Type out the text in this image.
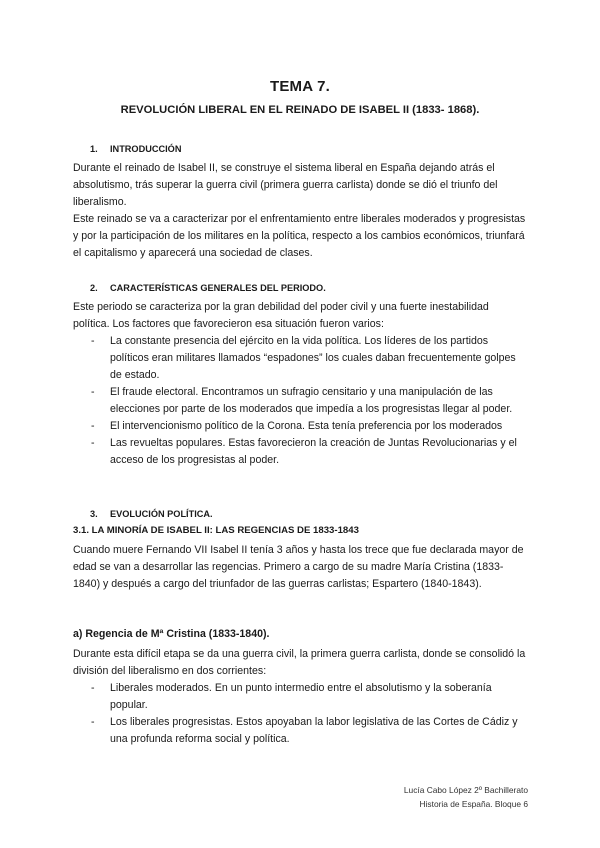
TEMA 7.
REVOLUCIÓN LIBERAL EN EL REINADO DE ISABEL II (1833- 1868).
1. INTRODUCCIÓN

Durante el reinado de Isabel II, se construye el sistema liberal en España dejando atrás el absolutismo, trás superar la guerra civil (primera guerra carlista) donde se dió el triunfo del liberalismo.

Este reinado se va a caracterizar por el enfrentamiento entre liberales moderados y progresistas y por la participación de los militares en la política, respecto a los cambios económicos, triunfará el capitalismo y aparecerá una sociedad de clases.

2. CARACTERÍSTICAS GENERALES DEL PERIODO.

Este periodo se caracteriza por la gran debilidad del poder civil y una fuerte inestabilidad política. Los factores que favorecieron esa situación fueron varios:

- La constante presencia del ejército en la vida política. Los líderes de los partidos políticos eran militares llamados “espadones” los cuales daban frecuentemente golpes de estado.
- El fraude electoral. Encontramos un sufragio censitario y una manipulación de las elecciones por parte de los moderados que impedía a los progresistas llegar al poder.
- El intervencionismo político de la Corona. Esta tenía preferencia por los moderados
- Las revueltas populares. Estas favorecieron la creación de Juntas Revolucionarias y el acceso de los progresistas al poder.
3. EVOLUCIÓN POLÍTICA.
3.1. LA MINORÍA DE ISABEL II: LAS REGENCIAS DE 1833-1843

Cuando muere Fernando VII Isabel II tenía 3 años y hasta los trece que fue declarada mayor de edad se van a desarrollar las regencias. Primero a cargo de su madre María Cristina (1833-1840) y después a cargo del triunfador de las guerras carlistas; Espartero (1840-1843).

a) Regencia de Mª Cristina (1833-1840).

Durante esta difícil etapa se da una guerra civil, la primera guerra carlista, donde se consolidó la división del liberalismo en dos corrientes:

- Liberales moderados. En un punto intermedio entre el absolutismo y la soberanía popular.
- Los liberales progresistas. Estos apoyaban la labor legislativa de las Cortes de Cádiz y una profunda reforma social y política.
Lucía Cabo López 2º Bachillerato
Historia de España. Bloque 6
